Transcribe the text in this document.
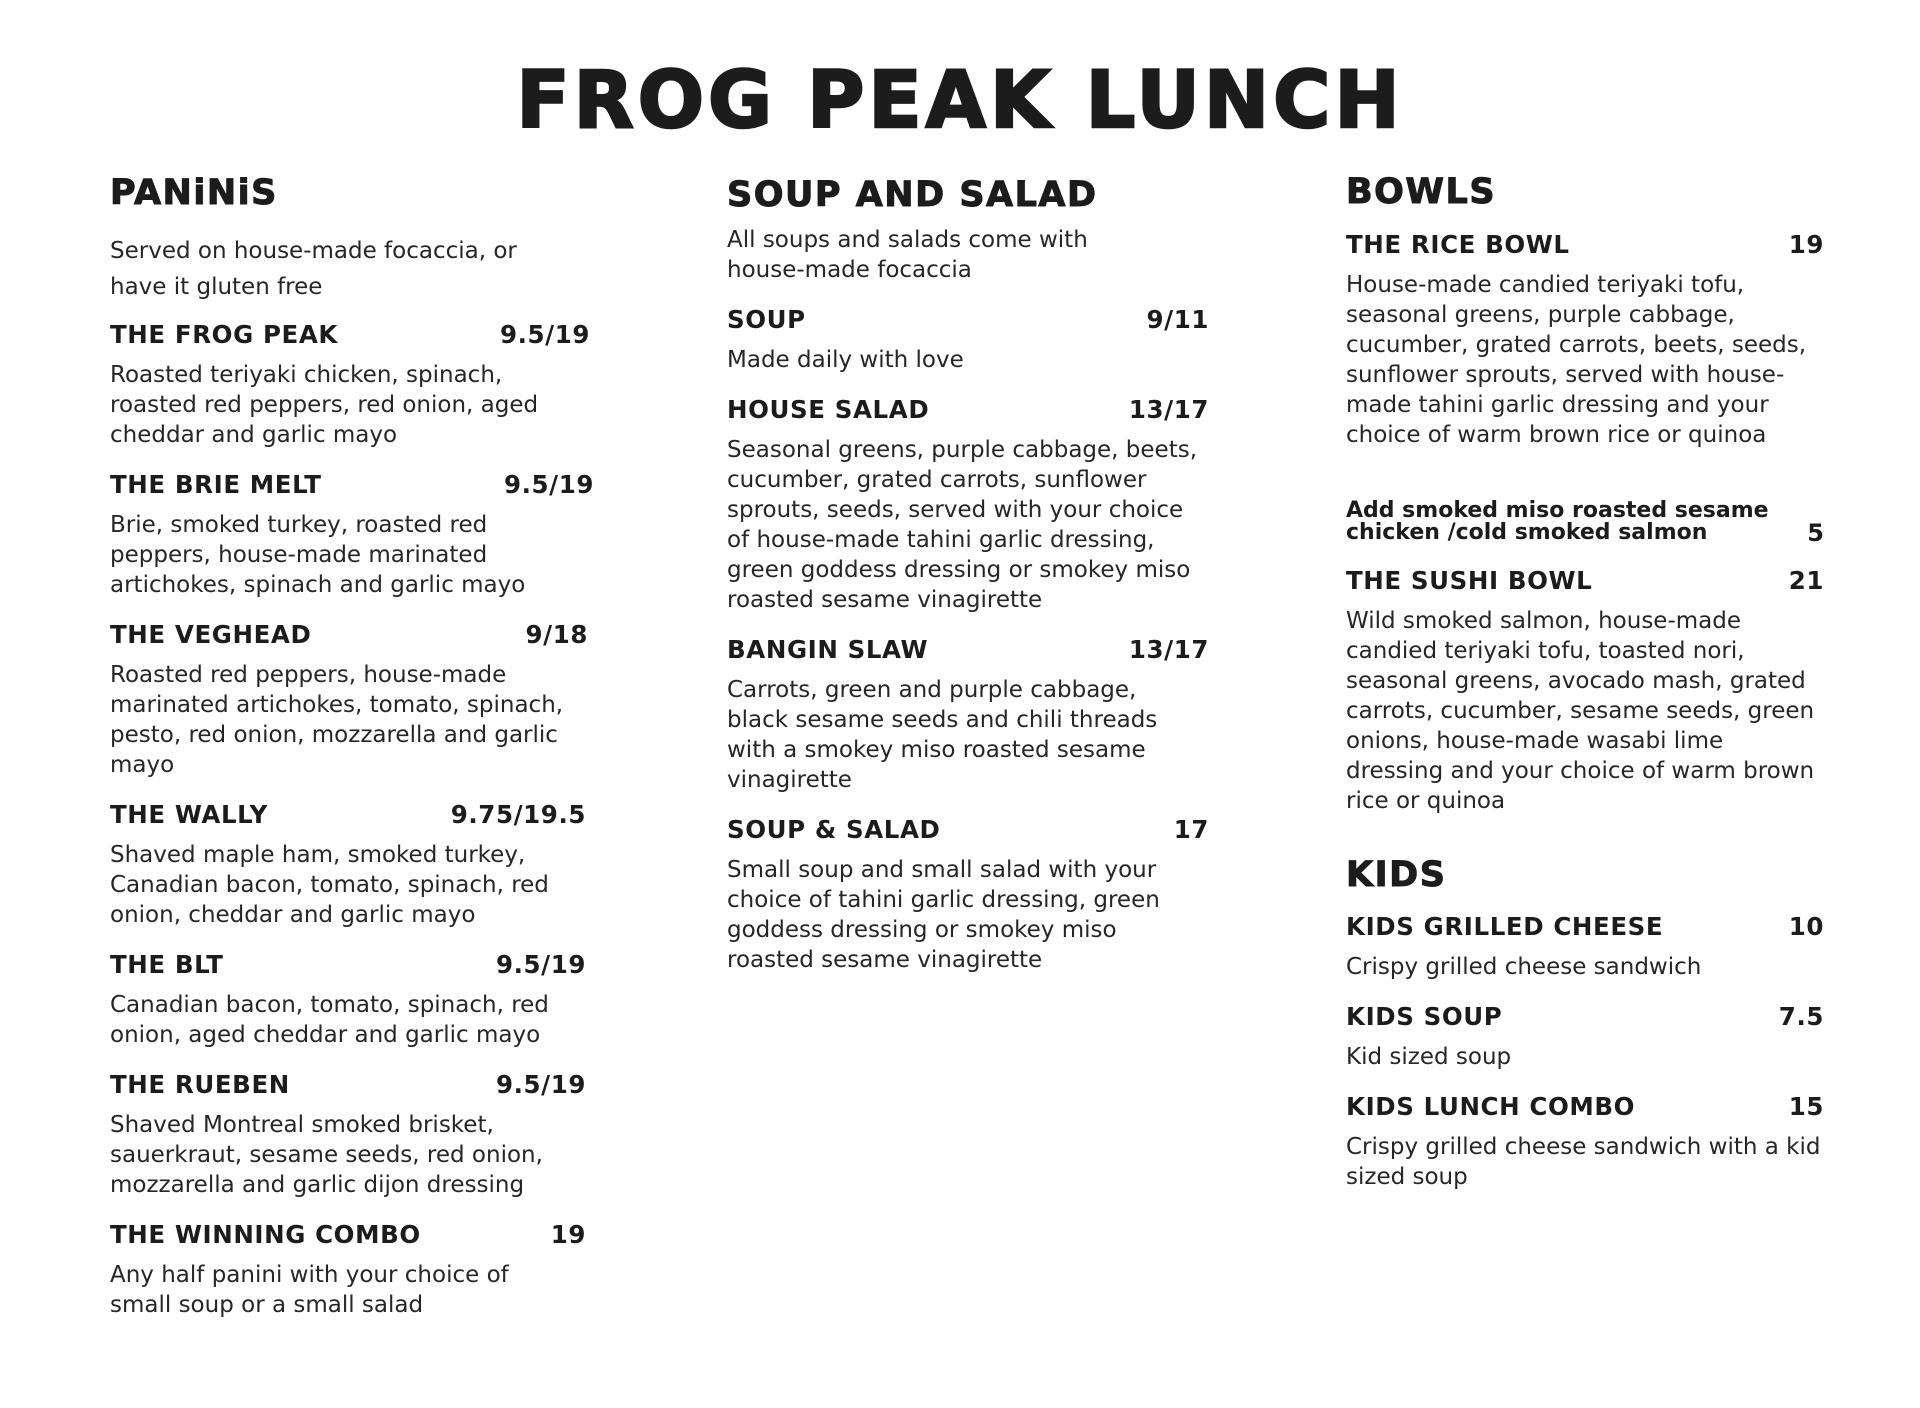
FROG PEAK LUNCH
PANiNiS

Served on house-made focaccia, or have it gluten free

THE FROG PEAK	9.5/19

Roasted teriyaki chicken, spinach, roasted red peppers, red onion, aged cheddar and garlic mayo

THE BRIE MELT	9.5/19

Brie, smoked turkey, roasted red peppers, house-made marinated artichokes, spinach and garlic mayo

THE VEGHEAD	9/18

Roasted red peppers, house-made marinated artichokes, tomato, spinach, pesto, red onion, mozzarella and garlic mayo

THE WALLY	9.75/19.5

Shaved maple ham, smoked turkey, Canadian bacon, tomato, spinach, red onion, cheddar and garlic mayo

THE BLT	9.5/19

Canadian bacon, tomato, spinach, red onion, aged cheddar and garlic mayo

THE RUEBEN	9.5/19

Shaved Montreal smoked brisket, sauerkraut, sesame seeds, red onion, mozzarella and garlic dijon dressing

THE WINNING COMBO	19

Any half panini with your choice of small soup or a small salad

SOUP AND SALAD

All soups and salads come with house-made focaccia

SOUP	9/11

Made daily with love

HOUSE SALAD	13/17

Seasonal greens, purple cabbage, beets, cucumber, grated carrots, sunflower sprouts, seeds, served with your choice of house-made tahini garlic dressing, green goddess dressing or smokey miso roasted sesame vinagirette

BANGIN SLAW	13/17

Carrots, green and purple cabbage, black sesame seeds and chili threads with a smokey miso roasted sesame vinagirette

SOUP & SALAD	17

Small soup and small salad with your choice of tahini garlic dressing, green goddess dressing or smokey miso roasted sesame vinagirette

BOWLS
THE RICE BOWL	19

House-made candied teriyaki tofu, seasonal greens, purple cabbage, cucumber, grated carrots, beets, seeds, sunflower sprouts, served with house-made tahini garlic dressing and your choice of warm brown rice or quinoa

Add smoked miso roasted sesame chicken /cold smoked salmon	5
THE SUSHI BOWL	21

Wild smoked salmon, house-made candied teriyaki tofu, toasted nori, seasonal greens, avocado mash, grated carrots, cucumber, sesame seeds, green onions, house-made wasabi lime dressing and your choice of warm brown rice or quinoa

KIDS
KIDS GRILLED CHEESE	10

Crispy grilled cheese sandwich

KIDS SOUP	7.5

Kid sized soup

KIDS LUNCH COMBO	15

Crispy grilled cheese sandwich with a kid sized soup
